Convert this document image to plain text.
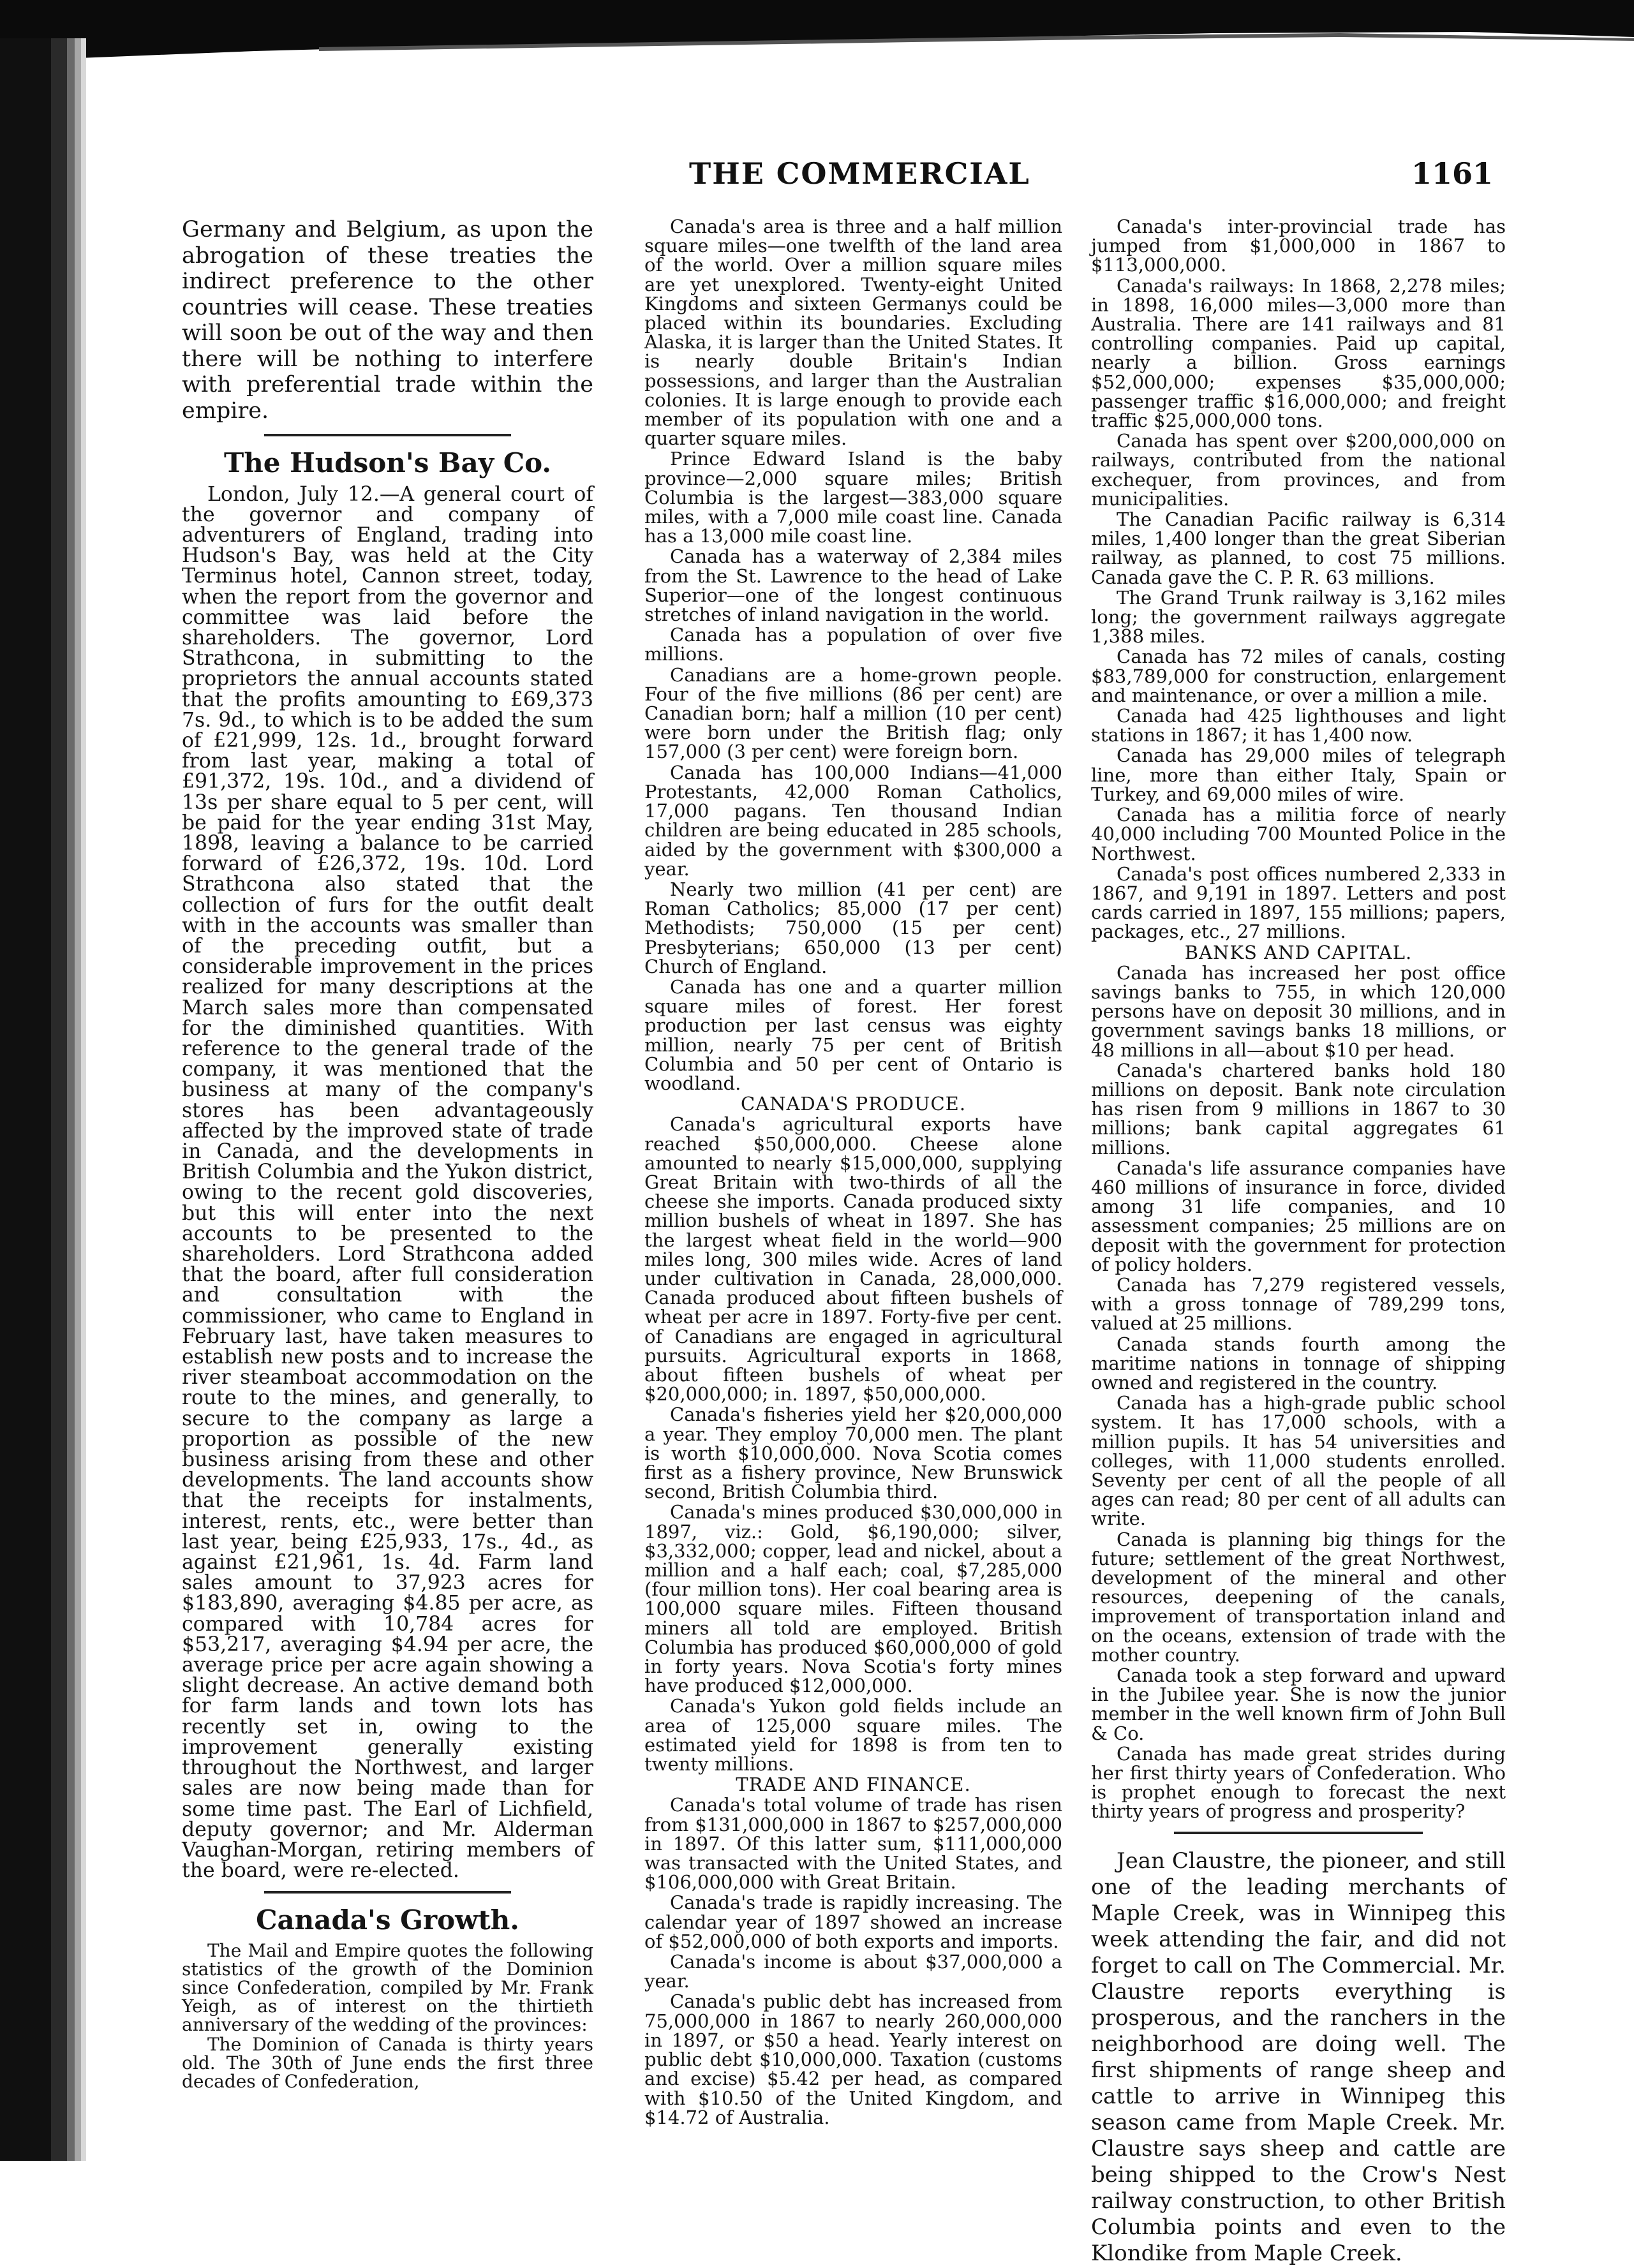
THE COMMERCIAL	1161

Germany and Belgium, as upon the abrogation of these treaties the indirect preference to the other countries will cease. These treaties will soon be out of the way and then there will be nothing to interfere with preferential trade within the empire.

The Hudson's Bay Co.

London, July 12.—A general court of the governor and company of adventurers of England, trading into Hudson's Bay, was held at the City Terminus hotel, Cannon street, today, when the report from the governor and committee was laid before the shareholders. The governor, Lord Strathcona, in submitting to the proprietors the annual accounts stated that the profits amounting to £69,373 7s. 9d., to which is to be added the sum of £21,999, 12s. 1d., brought forward from last year, making a total of £91,372, 19s. 10d., and a dividend of 13s per share equal to 5 per cent, will be paid for the year ending 31st May, 1898, leaving a balance to be carried forward of £26,372, 19s. 10d. Lord Strathcona also stated that the collection of furs for the outfit dealt with in the accounts was smaller than of the preceding outfit, but a considerable improvement in the prices realized for many descriptions at the March sales more than compensated for the diminished quantities. With reference to the general trade of the company, it was mentioned that the business at many of the company's stores has been advantageously affected by the improved state of trade in Canada, and the developments in British Columbia and the Yukon district, owing to the recent gold discoveries, but this will enter into the next accounts to be presented to the shareholders. Lord Strathcona added that the board, after full consideration and consultation with the commissioner, who came to England in February last, have taken measures to establish new posts and to increase the river steamboat accommodation on the route to the mines, and generally, to secure to the company as large a proportion as possible of the new business arising from these and other developments. The land accounts show that the receipts for instalments, interest, rents, etc., were better than last year, being £25,933, 17s., 4d., as against £21,961, 1s. 4d. Farm land sales amount to 37,923 acres for $183,890, averaging $4.85 per acre, as compared with 10,784 acres for $53,217, averaging $4.94 per acre, the average price per acre again showing a slight decrease. An active demand both for farm lands and town lots has recently set in, owing to the improvement generally existing throughout the Northwest, and larger sales are now being made than for some time past. The Earl of Lichfield, deputy governor; and Mr. Alderman Vaughan-Morgan, retiring members of the board, were re-elected.

Canada's Growth.

The Mail and Empire quotes the following statistics of the growth of the Dominion since Confederation, compiled by Mr. Frank Yeigh, as of interest on the thirtieth anniversary of the wedding of the provinces:

The Dominion of Canada is thirty years old. The 30th of June ends the first three decades of Confederation,

Canada's area is three and a half million square miles—one twelfth of the land area of the world. Over a million square miles are yet unexplored. Twenty-eight United Kingdoms and sixteen Germanys could be placed within its boundaries. Excluding Alaska, it is larger than the United States. It is nearly double Britain's Indian possessions, and larger than the Australian colonies. It is large enough to provide each member of its population with one and a quarter square miles.

Prince Edward Island is the baby province—2,000 square miles; British Columbia is the largest—383,000 square miles, with a 7,000 mile coast line. Canada has a 13,000 mile coast line.

Canada has a waterway of 2,384 miles from the St. Lawrence to the head of Lake Superior—one of the longest continuous stretches of inland navigation in the world.

Canada has a population of over five millions.

Canadians are a home-grown people. Four of the five millions (86 per cent) are Canadian born; half a million (10 per cent) were born under the British flag; only 157,000 (3 per cent) were foreign born.

Canada has 100,000 Indians—41,000 Protestants, 42,000 Roman Catholics, 17,000 pagans. Ten thousand Indian children are being educated in 285 schools, aided by the government with $300,000 a year.

Nearly two million (41 per cent) are Roman Catholics; 85,000 (17 per cent) Methodists; 750,000 (15 per cent) Presbyterians; 650,000 (13 per cent) Church of England.

Canada has one and a quarter million square miles of forest. Her forest production per last census was eighty million, nearly 75 per cent of British Columbia and 50 per cent of Ontario is woodland.

CANADA'S PRODUCE.

Canada's agricultural exports have reached $50,000,000. Cheese alone amounted to nearly $15,000,000, supplying Great Britain with two-thirds of all the cheese she imports. Canada produced sixty million bushels of wheat in 1897. She has the largest wheat field in the world—900 miles long, 300 miles wide. Acres of land under cultivation in Canada, 28,000,000. Canada produced about fifteen bushels of wheat per acre in 1897. Forty-five per cent. of Canadians are engaged in agricultural pursuits. Agricultural exports in 1868, about fifteen bushels of wheat per $20,000,000; in. 1897, $50,000,000.

Canada's fisheries yield her $20,000,000 a year. They employ 70,000 men. The plant is worth $10,000,000. Nova Scotia comes first as a fishery province, New Brunswick second, British Columbia third.

Canada's mines produced $30,000,000 in 1897, viz.: Gold, $6,190,000; silver, $3,332,000; copper, lead and nickel, about a million and a half each; coal, $7,285,000 (four million tons). Her coal bearing area is 100,000 square miles. Fifteen thousand miners all told are employed. British Columbia has produced $60,000,000 of gold in forty years. Nova Scotia's forty mines have produced $12,000,000.

Canada's Yukon gold fields include an area of 125,000 square miles. The estimated yield for 1898 is from ten to twenty millions.

TRADE AND FINANCE.

Canada's total volume of trade has risen from $131,000,000 in 1867 to $257,000,000 in 1897. Of this latter sum, $111,000,000 was transacted with the United States, and $106,000,000 with Great Britain.

Canada's trade is rapidly increasing. The calendar year of 1897 showed an increase of $52,000,000 of both exports and imports.

Canada's income is about $37,000,000 a year.

Canada's public debt has increased from 75,000,000 in 1867 to nearly 260,000,000 in 1897, or $50 a head. Yearly interest on public debt $10,000,000. Taxation (customs and excise) $5.42 per head, as compared with $10.50 of the United Kingdom, and $14.72 of Australia.

Canada's inter-provincial trade has jumped from $1,000,000 in 1867 to $113,000,000.

Canada's railways: In 1868, 2,278 miles; in 1898, 16,000 miles—3,000 more than Australia. There are 141 railways and 81 controlling companies. Paid up capital, nearly a billion. Gross earnings $52,000,000; expenses $35,000,000; passenger traffic $16,000,000; and freight traffic $25,000,000 tons.

Canada has spent over $200,000,000 on railways, contributed from the national exchequer, from provinces, and from municipalities.

The Canadian Pacific railway is 6,314 miles, 1,400 longer than the great Siberian railway, as planned, to cost 75 millions. Canada gave the C. P. R. 63 millions.

The Grand Trunk railway is 3,162 miles long; the government railways aggregate 1,388 miles.

Canada has 72 miles of canals, costing $83,789,000 for construction, enlargement and maintenance, or over a million a mile.

Canada had 425 lighthouses and light stations in 1867; it has 1,400 now.

Canada has 29,000 miles of telegraph line, more than either Italy, Spain or Turkey, and 69,000 miles of wire.

Canada has a militia force of nearly 40,000 including 700 Mounted Police in the Northwest.

Canada's post offices numbered 2,333 in 1867, and 9,191 in 1897. Letters and post cards carried in 1897, 155 millions; papers, packages, etc., 27 millions.

BANKS AND CAPITAL.

Canada has increased her post office savings banks to 755, in which 120,000 persons have on deposit 30 millions, and in government savings banks 18 millions, or 48 millions in all—about $10 per head.

Canada's chartered banks hold 180 millions on deposit. Bank note circulation has risen from 9 millions in 1867 to 30 millions; bank capital aggregates 61 millions.

Canada's life assurance companies have 460 millions of insurance in force, divided among 31 life companies, and 10 assessment companies; 25 millions are on deposit with the government for protection of policy holders.

Canada has 7,279 registered vessels, with a gross tonnage of 789,299 tons, valued at 25 millions.

Canada stands fourth among the maritime nations in tonnage of shipping owned and registered in the country.

Canada has a high-grade public school system. It has 17,000 schools, with a million pupils. It has 54 universities and colleges, with 11,000 students enrolled. Seventy per cent of all the people of all ages can read; 80 per cent of all adults can write.

Canada is planning big things for the future; settlement of the great Northwest, development of the mineral and other resources, deepening of the canals, improvement of transportation inland and on the oceans, extension of trade with the mother country.

Canada took a step forward and upward in the Jubilee year. She is now the junior member in the well known firm of John Bull & Co.

Canada has made great strides during her first thirty years of Confederation. Who is prophet enough to forecast the next thirty years of progress and prosperity?

Jean Claustre, the pioneer, and still one of the leading merchants of Maple Creek, was in Winnipeg this week attending the fair, and did not forget to call on The Commercial. Mr. Claustre reports everything is prosperous, and the ranchers in the neighborhood are doing well. The first shipments of range sheep and cattle to arrive in Winnipeg this season came from Maple Creek. Mr. Claustre says sheep and cattle are being shipped to the Crow's Nest railway construction, to other British Columbia points and even to the Klondike from Maple Creek.
